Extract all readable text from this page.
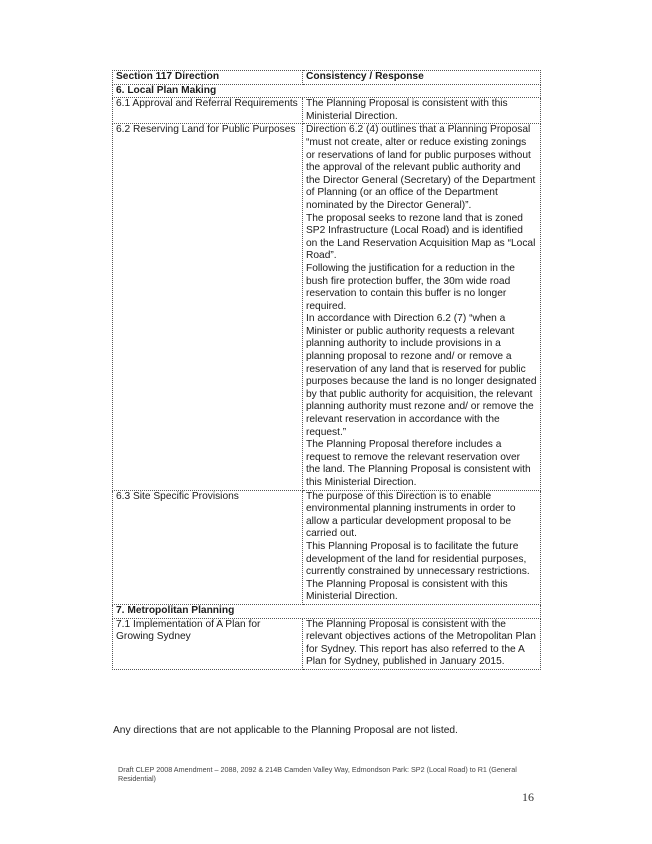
Section 117 Direction	Consistency / Response
6. Local Plan Making	
6.1 Approval and Referral Requirements	The Planning Proposal is consistent with this Ministerial Direction.

6.2 Reserving Land for Public Purposes	Direction 6.2 (4) outlines that a Planning Proposal “must not create, alter or reduce existing zonings or reservations of land for public purposes without the approval of the relevant public authority and the Director General (Secretary) of the Department of Planning (or an office of the Department nominated by the Director General)”.

The proposal seeks to rezone land that is zoned SP2 Infrastructure (Local Road) and is identified on the Land Reservation Acquisition Map as “Local Road”.

Following the justification for a reduction in the bush fire protection buffer, the 30m wide road reservation to contain this buffer is no longer required.

In accordance with Direction 6.2 (7) “when a Minister or public authority requests a relevant planning authority to include provisions in a planning proposal to rezone and/ or remove a reservation of any land that is reserved for public purposes because the land is no longer designated by that public authority for acquisition, the relevant planning authority must rezone and/ or remove the relevant reservation in accordance with the request.”

The Planning Proposal therefore includes a request to remove the relevant reservation over the land. The Planning Proposal is consistent with this Ministerial Direction.

6.3 Site Specific Provisions	The purpose of this Direction is to enable environmental planning instruments in order to allow a particular development proposal to be carried out.

This Planning Proposal is to facilitate the future development of the land for residential purposes, currently constrained by unnecessary restrictions.

The Planning Proposal is consistent with this Ministerial Direction.

7. Metropolitan Planning	
7.1 Implementation of A Plan for Growing Sydney	The Planning Proposal is consistent with the relevant objectives actions of the Metropolitan Plan for Sydney. This report has also referred to the A Plan for Sydney, published in January 2015.

Any directions that are not applicable to the Planning Proposal are not listed.
Draft CLEP 2008 Amendment – 2088, 2092 & 214B Camden Valley Way, Edmondson Park: SP2 (Local Road) to R1 (General Residential)
16
